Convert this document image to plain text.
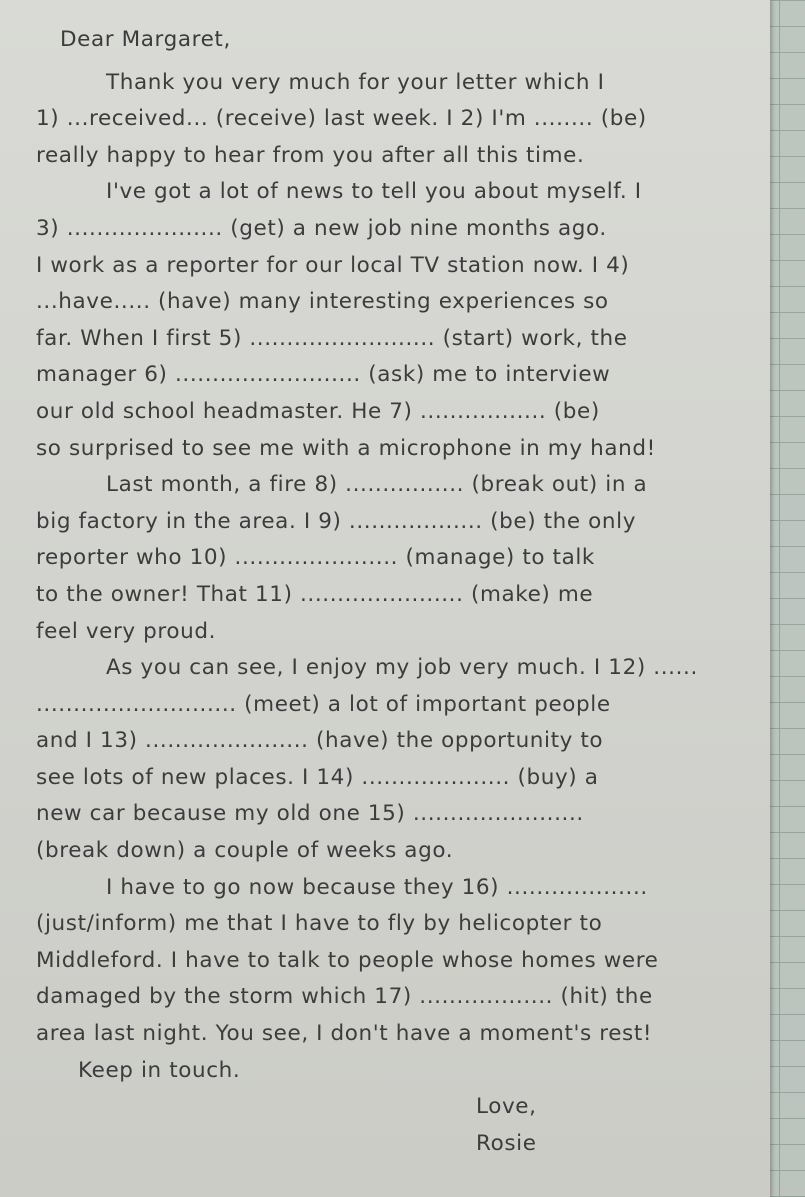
Dear Margaret,
Thank you very much for your letter which I
1) ...received... (receive) last week. I 2) I'm ........ (be)
really happy to hear from you after all this time.
I've got a lot of news to tell you about myself. I
3) ..................... (get) a new job nine months ago.
I work as a reporter for our local TV station now. I 4)
...have..... (have) many interesting experiences so
far. When I first 5) ......................... (start) work, the
manager 6) ......................... (ask) me to interview
our old school headmaster. He 7) ................. (be)
so surprised to see me with a microphone in my hand!
Last month, a fire 8) ................ (break out) in a
big factory in the area. I 9) .................. (be) the only
reporter who 10) ...................... (manage) to talk
to the owner! That 11) ...................... (make) me
feel very proud.
As you can see, I enjoy my job very much. I 12) ......
........................... (meet) a lot of important people
and I 13) ...................... (have) the opportunity to
see lots of new places. I 14) .................... (buy) a
new car because my old one 15) .......................
(break down) a couple of weeks ago.
I have to go now because they 16) ...................
(just/inform) me that I have to fly by helicopter to
Middleford. I have to talk to people whose homes were
damaged by the storm which 17) .................. (hit) the
area last night. You see, I don't have a moment's rest!
Keep in touch.
Love,
Rosie
